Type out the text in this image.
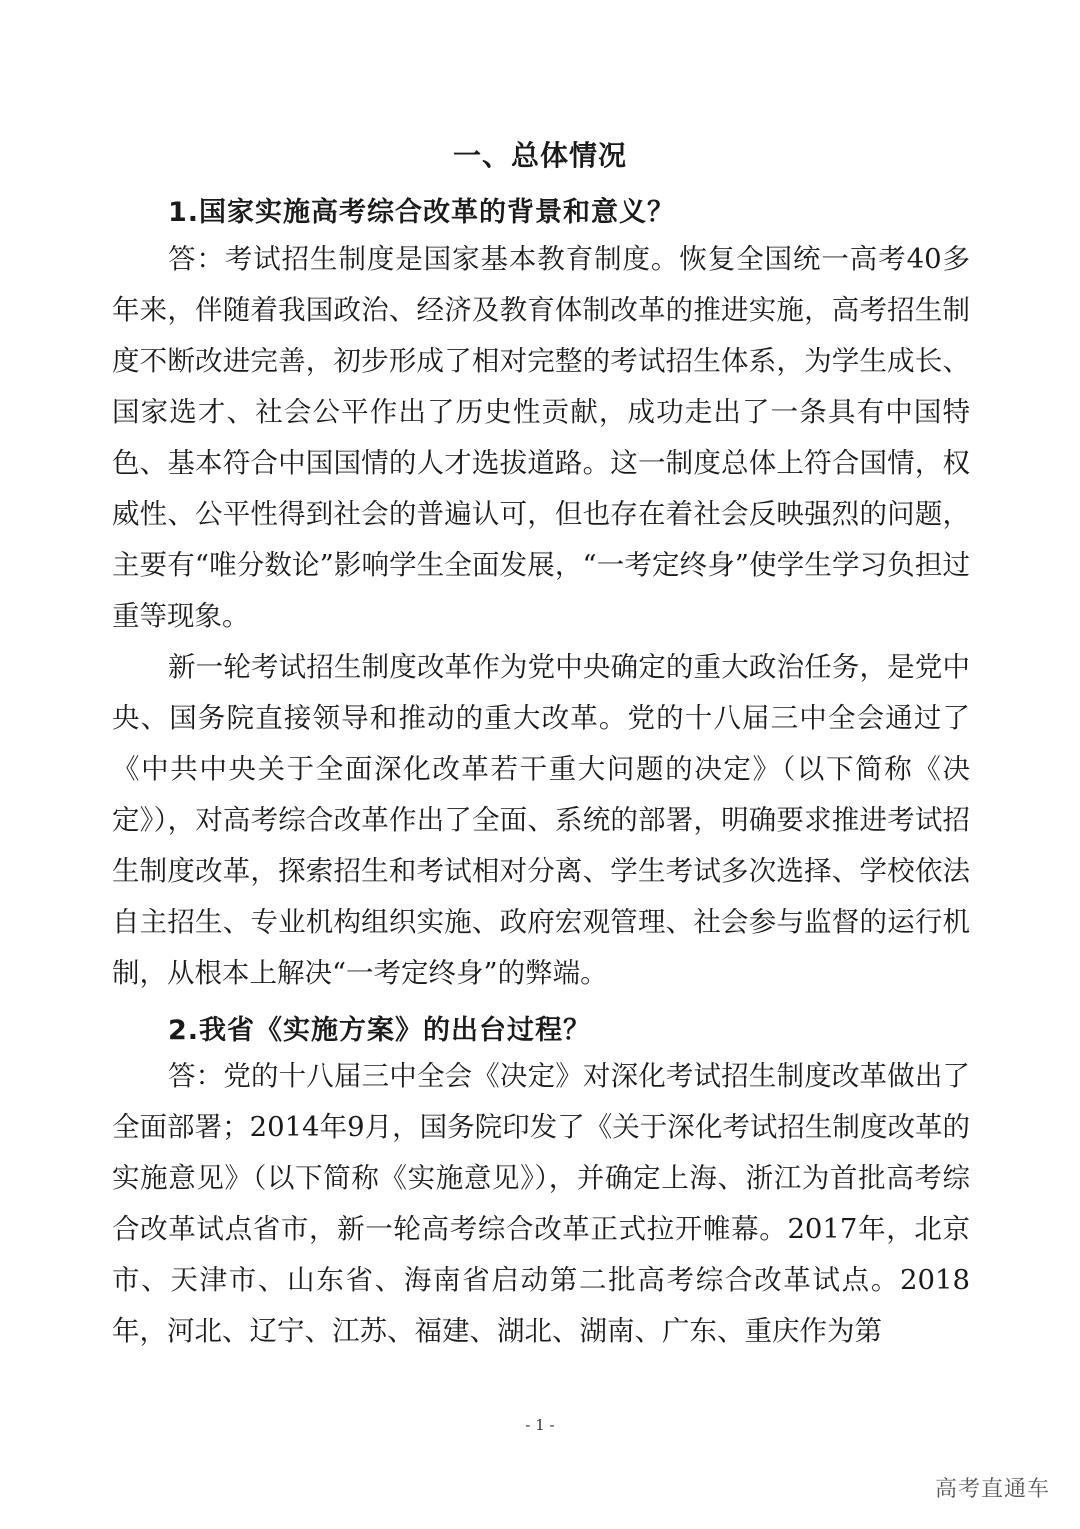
一、总体情况
1.国家实施高考综合改革的背景和意义？

答：考试招生制度是国家基本教育制度。恢复全国统一高考40多年来，伴随着我国政治、经济及教育体制改革的推进实施，高考招生制度不断改进完善，初步形成了相对完整的考试招生体系，为学生成长、国家选才、社会公平作出了历史性贡献，成功走出了一条具有中国特色、基本符合中国国情的人才选拔道路。这一制度总体上符合国情，权威性、公平性得到社会的普遍认可，但也存在着社会反映强烈的问题，主要有“唯分数论”影响学生全面发展，“一考定终身”使学生学习负担过重等现象。

新一轮考试招生制度改革作为党中央确定的重大政治任务，是党中央、国务院直接领导和推动的重大改革。党的十八届三中全会通过了《中共中央关于全面深化改革若干重大问题的决定》（以下简称《决定》），对高考综合改革作出了全面、系统的部署，明确要求推进考试招生制度改革，探索招生和考试相对分离、学生考试多次选择、学校依法自主招生、专业机构组织实施、政府宏观管理、社会参与监督的运行机制，从根本上解决“一考定终身”的弊端。

2.我省《实施方案》的出台过程？

答：党的十八届三中全会《决定》对深化考试招生制度改革做出了全面部署；2014年9月，国务院印发了《关于深化考试招生制度改革的实施意见》（以下简称《实施意见》），并确定上海、浙江为首批高考综合改革试点省市，新一轮高考综合改革正式拉开帷幕。2017年，北京市、天津市、山东省、海南省启动第二批高考综合改革试点。2018年，河北、辽宁、江苏、福建、湖北、湖南、广东、重庆作为第

- 1 -
高考直通车
